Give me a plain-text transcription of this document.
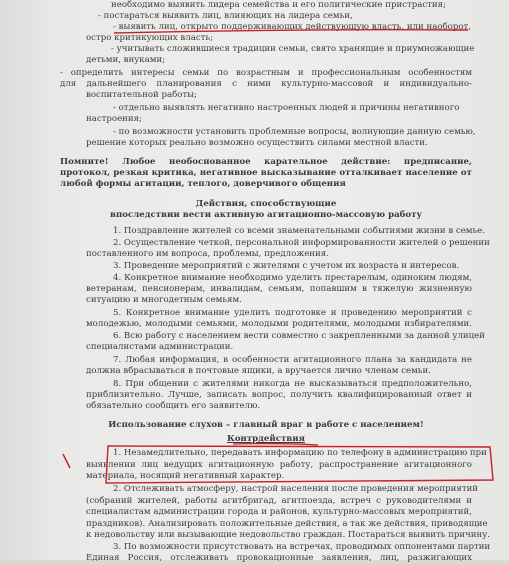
необходимо выявить лидера семейства и его политические пристрастия;
- постараться выявить лиц, влияющих на лидера семьи,
- выявить лиц, открыто поддерживающих действующую власть, или наоборот,
остро критикующих власть;
- учитывать сложившиеся традиции семьи, свято хранящие и приумножающие
детьми, внуками;
- определить интересы семьи по возрастным и профессиональным особенностям
для дальнейшего планирования с ними культурно-массовой и индивидуально-
воспитательной работы;
- отдельно выявлять негативно настроенных людей и причины негативного
настроения;
- по возможности установить проблемные вопросы, волнующие данную семью,
решение которых реально возможно осуществить силами местной власти.
Помните! Любое необоснованное карательное действие: предписание,
протокол, резкая критика, негативное высказывание отталкивает население от
любой формы агитации, теплого, доверчивого общения
Действия, способствующие
впоследствии вести активную агитационно-массовую работу
1. Поздравление жителей со всеми знаменательными событиями жизни в семье.
2. Осуществление четкой, персональной информированности жителей о решении
поставленного им вопроса, проблемы, предложения.
3. Проведение мероприятий с жителями с учетом их возраста и интересов.
4. Конкретное внимание необходимо уделить престарелым, одиноким людям,
ветеранам, пенсионерам, инвалидам, семьям, попавшим в тяжелую жизненную
ситуацию и многодетным семьям.
5. Конкретное внимание уделить подготовке и проведению мероприятий с
молодежью, молодыми семьями, молодыми родителями, молодыми избирателями.
6. Всю работу с населением вести совместно с закрепленными за данной улицей
специалистами администрации.
7. Любая информация, в особенности агитационного плана за кандидата не
должна вбрасываться в почтовые ящики, а вручается лично членам семьи.
8. При общении с жителями никогда не высказываться предположительно,
приблизительно. Лучше, записать вопрос, получить квалифицированный ответ и
обязательно сообщить его заявителю.
Использование слухов – главный враг в работе с населением!
Контрдействия
1. Незамедлительно, передавать информацию по телефону в администрацию при
выявлении лиц ведущих агитационную работу, распространение агитационного
материала, носящий негативный характер.
2. Отслеживать атмосферу, настрой населения после проведения мероприятий
(собраний жителей, работы агитбригад, агитпоезда, встреч с руководителями и
специалистам администрации города и районов, культурно-массовых мероприятий,
праздников). Анализировать положительные действия, а так же действия, приводящие
к недовольству или вызывающие недовольство граждан. Постараться выявить причину.
3. По возможности присутствовать на встречах, проводимых оппонентами партии
Единая Россия, отслеживать провокационные заявления, лиц, разжигающих
